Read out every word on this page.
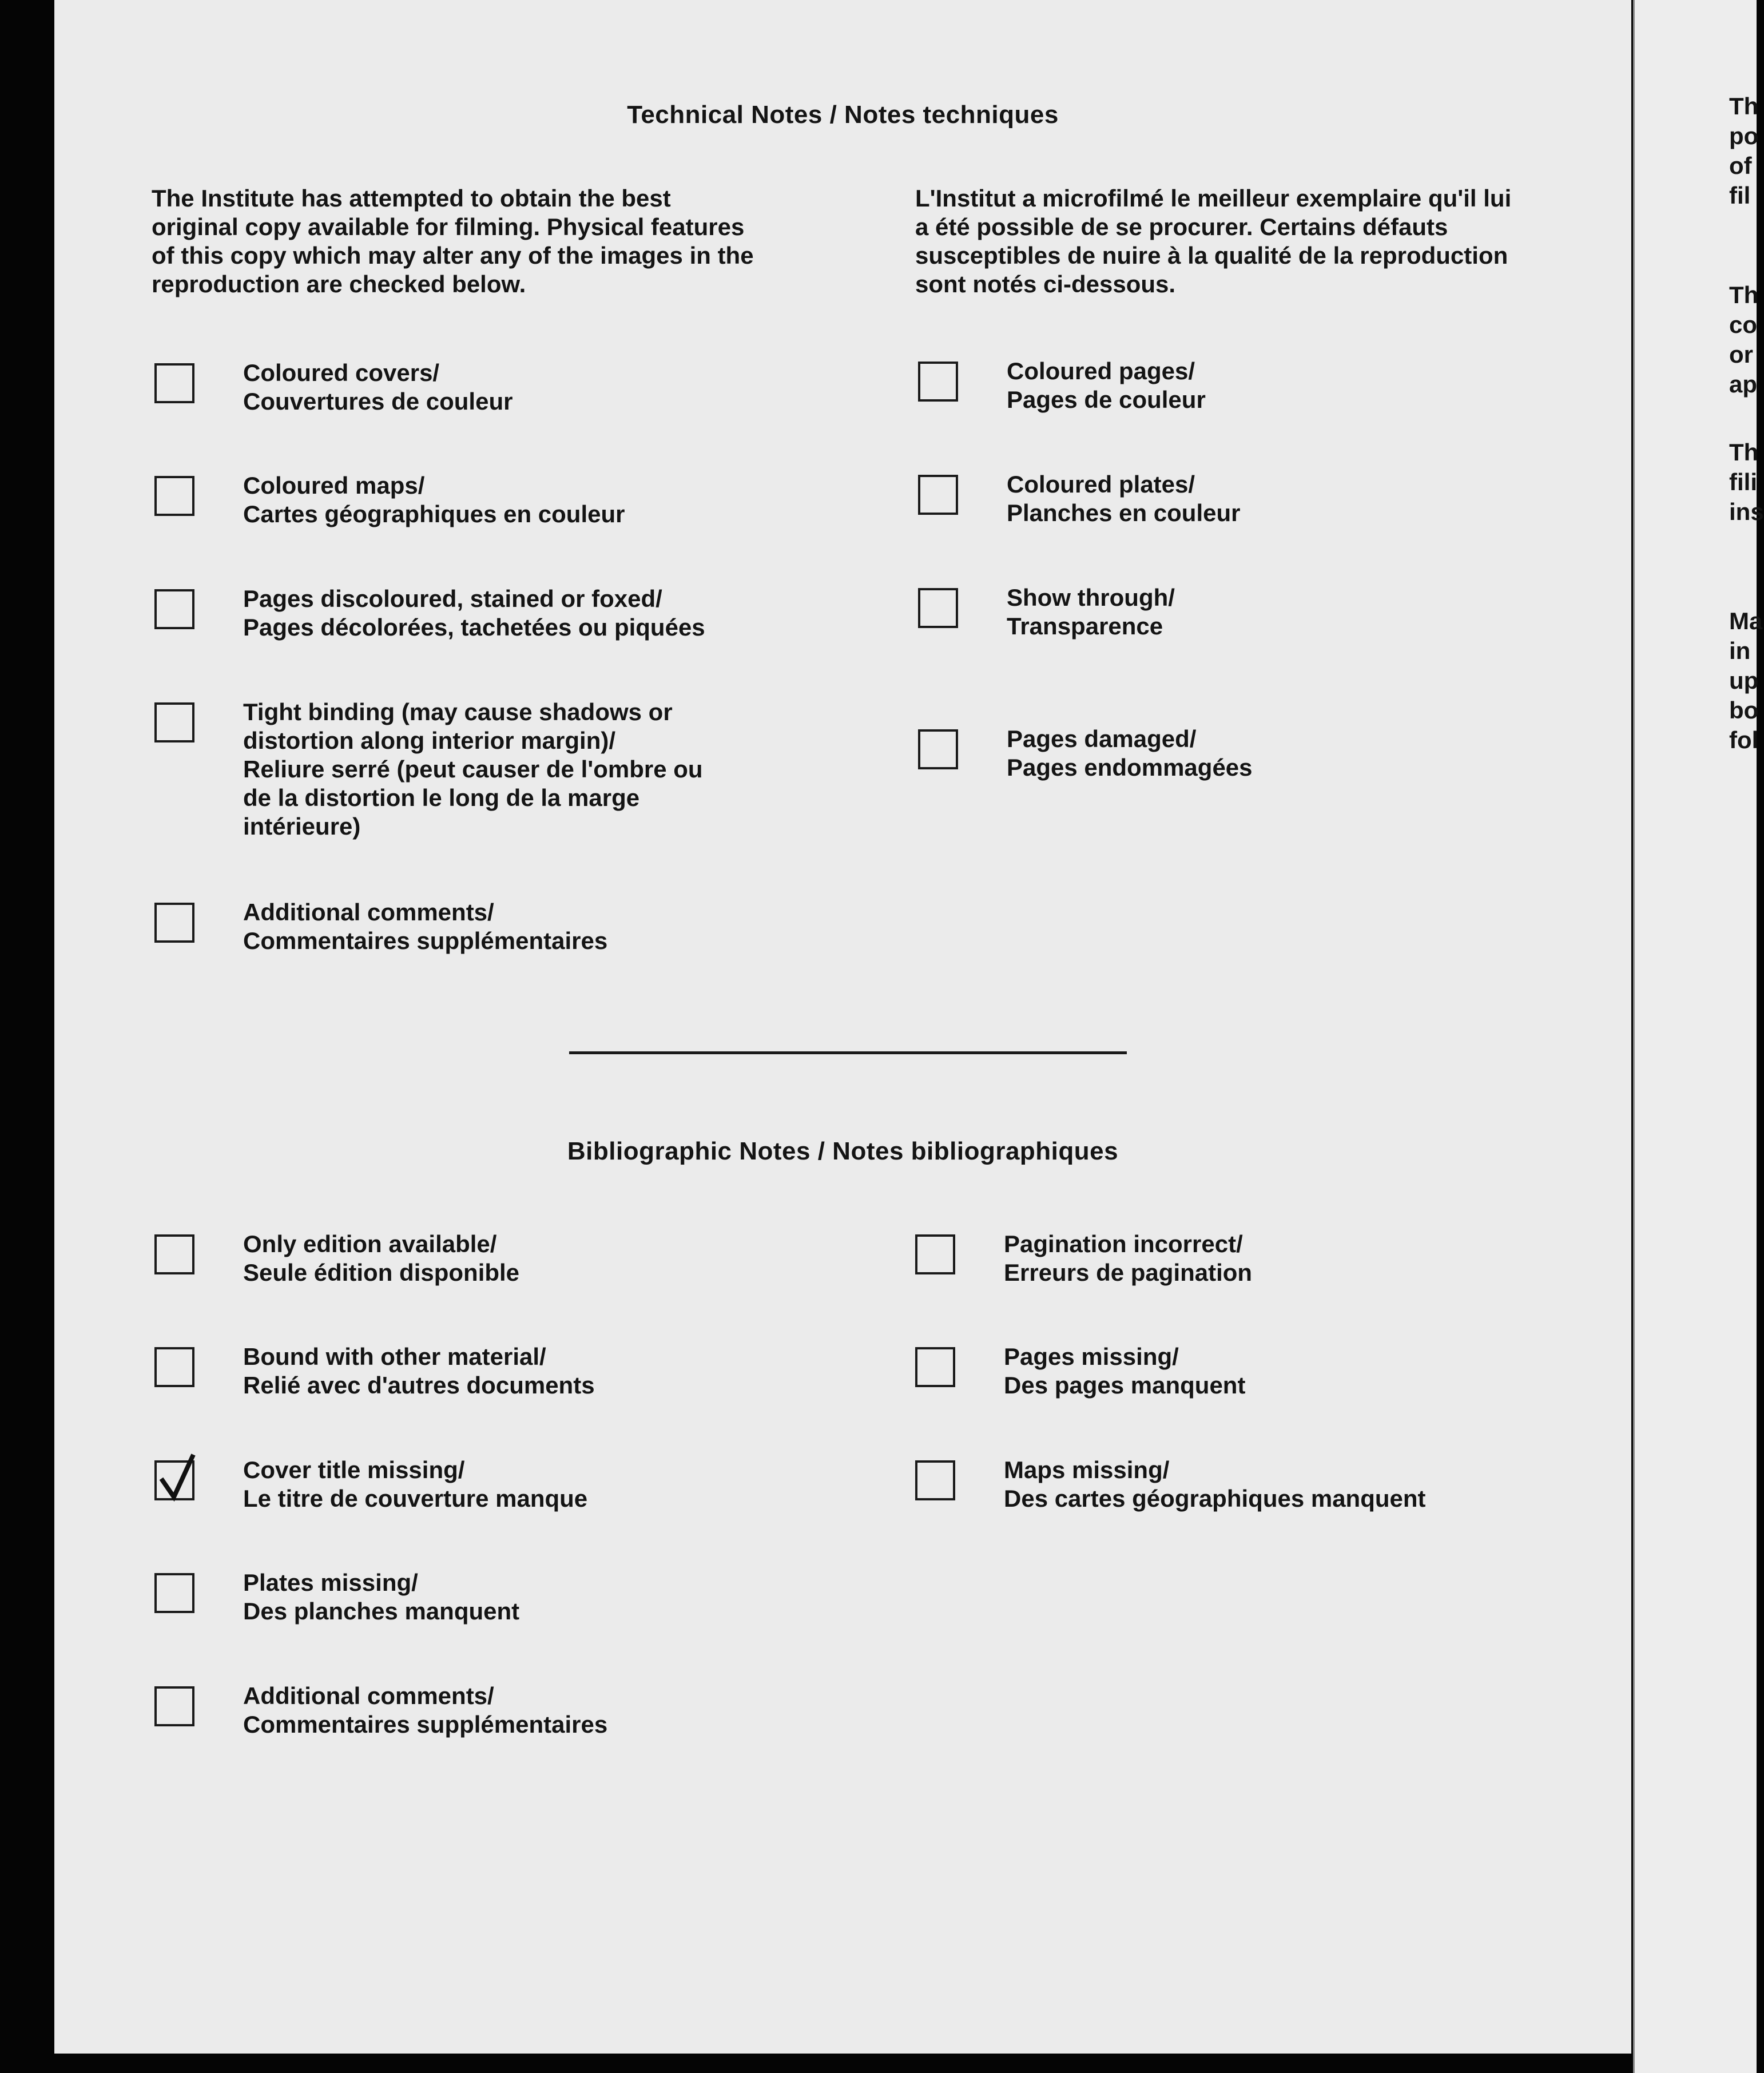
Technical Notes / Notes techniques
The Institute has attempted to obtain the best original copy available for filming. Physical features of this copy which may alter any of the images in the reproduction are checked below.
L'Institut a microfilmé le meilleur exemplaire qu'il lui a été possible de se procurer. Certains défauts susceptibles de nuire à la qualité de la reproduction sont notés ci-dessous.
Coloured covers/
Couvertures de couleur
Coloured maps/
Cartes géographiques en couleur
Pages discoloured, stained or foxed/
Pages décolorées, tachetées ou piquées
Tight binding (may cause shadows or
distortion along interior margin)/
Reliure serré (peut causer de l'ombre ou
de la distortion le long de la marge
intérieure)
Additional comments/
Commentaires supplémentaires
Coloured pages/
Pages de couleur
Coloured plates/
Planches en couleur
Show through/
Transparence
Pages damaged/
Pages endommagées
Bibliographic Notes / Notes bibliographiques
Only edition available/
Seule édition disponible
Bound with other material/
Relié avec d'autres documents
Cover title missing/
Le titre de couverture manque
Plates missing/
Des planches manquent
Additional comments/
Commentaires supplémentaires
Pagination incorrect/
Erreurs de pagination
Pages missing/
Des pages manquent
Maps missing/
Des cartes géographiques manquent
Th
po
of
fil
Th
co
or
ap
Th
fili
ins
Ma
in
up
bo
fol
